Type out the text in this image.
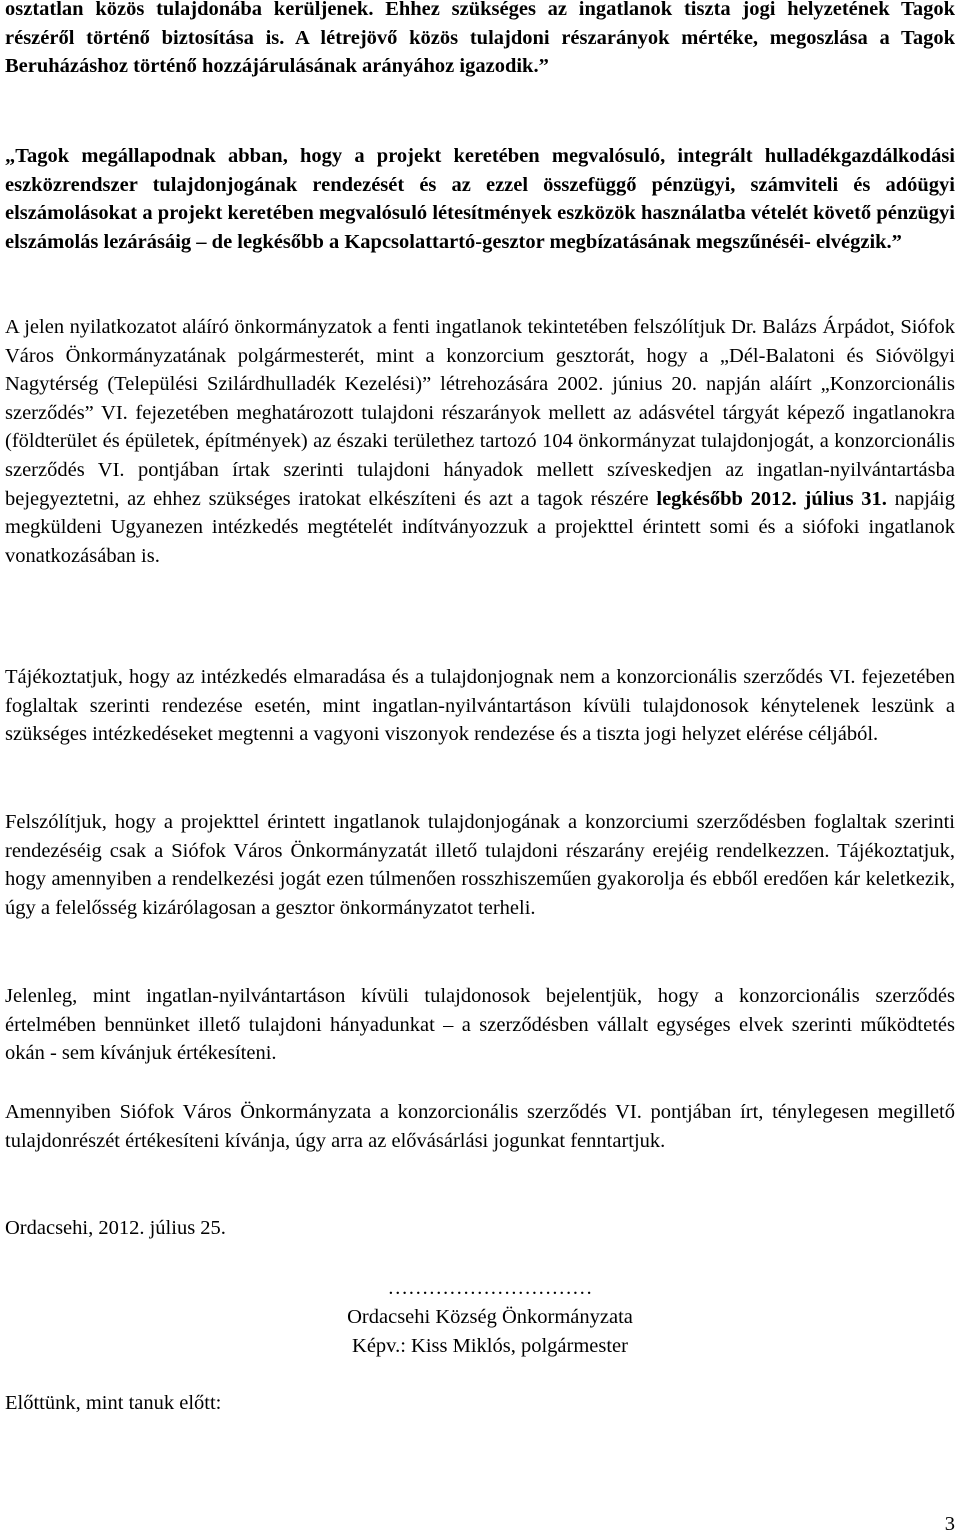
osztatlan közös tulajdonába kerüljenek. Ehhez szükséges az ingatlanok tiszta jogi helyzetének Tagok részéről történő biztosítása is. A létrejövő közös tulajdoni részarányok mértéke, megoszlása a Tagok Beruházáshoz történő hozzájárulásának arányához igazodik.”

„Tagok megállapodnak abban, hogy a projekt keretében megvalósuló, integrált hulladékgazdálkodási eszközrendszer tulajdonjogának rendezését és az ezzel összefüggő pénzügyi, számviteli és adóügyi elszámolásokat a projekt keretében megvalósuló létesítmények eszközök használatba vételét követő pénzügyi elszámolás lezárásáig – de legkésőbb a Kapcsolattartó-gesztor megbízatásának megszűnéséi- elvégzik.”

A jelen nyilatkozatot aláíró önkormányzatok a fenti ingatlanok tekintetében felszólítjuk Dr. Balázs Árpádot, Siófok Város Önkormányzatának polgármesterét, mint a konzorcium gesztorát, hogy a „Dél-Balatoni és Sióvölgyi Nagytérség (Települési Szilárdhulladék Kezelési)” létrehozására 2002. június 20. napján aláírt „Konzorcionális szerződés” VI. fejezetében meghatározott tulajdoni részarányok mellett az adásvétel tárgyát képező ingatlanokra (földterület és épületek, építmények) az északi területhez tartozó 104 önkormányzat tulajdonjogát, a konzorcionális szerződés VI. pontjában írtak szerinti tulajdoni hányadok mellett szíveskedjen az ingatlan-nyilvántartásba bejegyeztetni, az ehhez szükséges iratokat elkészíteni és azt a tagok részére legkésőbb 2012. július 31. napjáig megküldeni Ugyanezen intézkedés megtételét indítványozzuk a projekttel érintett somi és a siófoki ingatlanok vonatkozásában is.

Tájékoztatjuk, hogy az intézkedés elmaradása és a tulajdonjognak nem a konzorcionális szerződés VI. fejezetében foglaltak szerinti rendezése esetén, mint ingatlan-nyilvántartáson kívüli tulajdonosok kénytelenek leszünk a szükséges intézkedéseket megtenni a vagyoni viszonyok rendezése és a tiszta jogi helyzet elérése céljából.

Felszólítjuk, hogy a projekttel érintett ingatlanok tulajdonjogának a konzorciumi szerződésben foglaltak szerinti rendezéséig csak a Siófok Város Önkormányzatát illető tulajdoni részarány erejéig rendelkezzen. Tájékoztatjuk, hogy amennyiben a rendelkezési jogát ezen túlmenően rosszhiszeműen gyakorolja és ebből eredően kár keletkezik, úgy a felelősség kizárólagosan a gesztor önkormányzatot terheli.

Jelenleg, mint ingatlan-nyilvántartáson kívüli tulajdonosok bejelentjük, hogy a konzorcionális szerződés értelmében bennünket illető tulajdoni hányadunkat – a szerződésben vállalt egységes elvek szerinti működtetés okán - sem kívánjuk értékesíteni.

Amennyiben Siófok Város Önkormányzata a konzorcionális szerződés VI. pontjában írt, ténylegesen megillető tulajdonrészét értékesíteni kívánja, úgy arra az elővásárlási jogunkat fenntartjuk.

Ordacsehi, 2012. július 25.

…………………………

Ordacsehi Község Önkormányzata

Képv.: Kiss Miklós, polgármester

Előttünk, mint tanuk előtt:

3
